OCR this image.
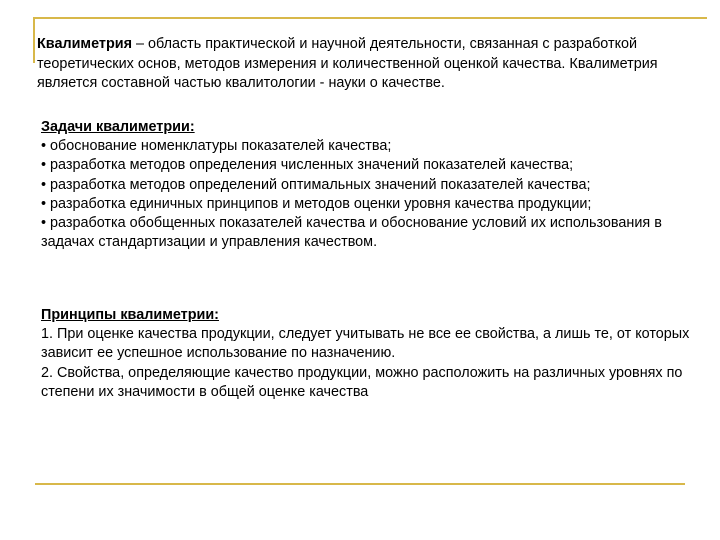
Квалиметрия – область практической и научной деятельности, связанная с разработкой теоретических основ, методов измерения и количественной оценкой качества. Квалиметрия является составной частью квалитологии - науки о качестве.

Задачи квалиметрии:

• обоснование номенклатуры показателей качества;

• разработка методов определения численных значений показателей качества;

• разработка методов определений оптимальных значений показателей качества;

• разработка единичных принципов и методов оценки уровня качества продукции;

• разработка обобщенных показателей качества и обоснование условий их использования в задачах стандартизации и управления качеством.

Принципы квалиметрии:

1. При оценке качества продукции, следует учитывать не все ее свойства, а лишь те, от которых зависит ее успешное использование по назначению.

2. Свойства, определяющие качество продукции, можно расположить на различных уровнях по степени их значимости в общей оценке качества
